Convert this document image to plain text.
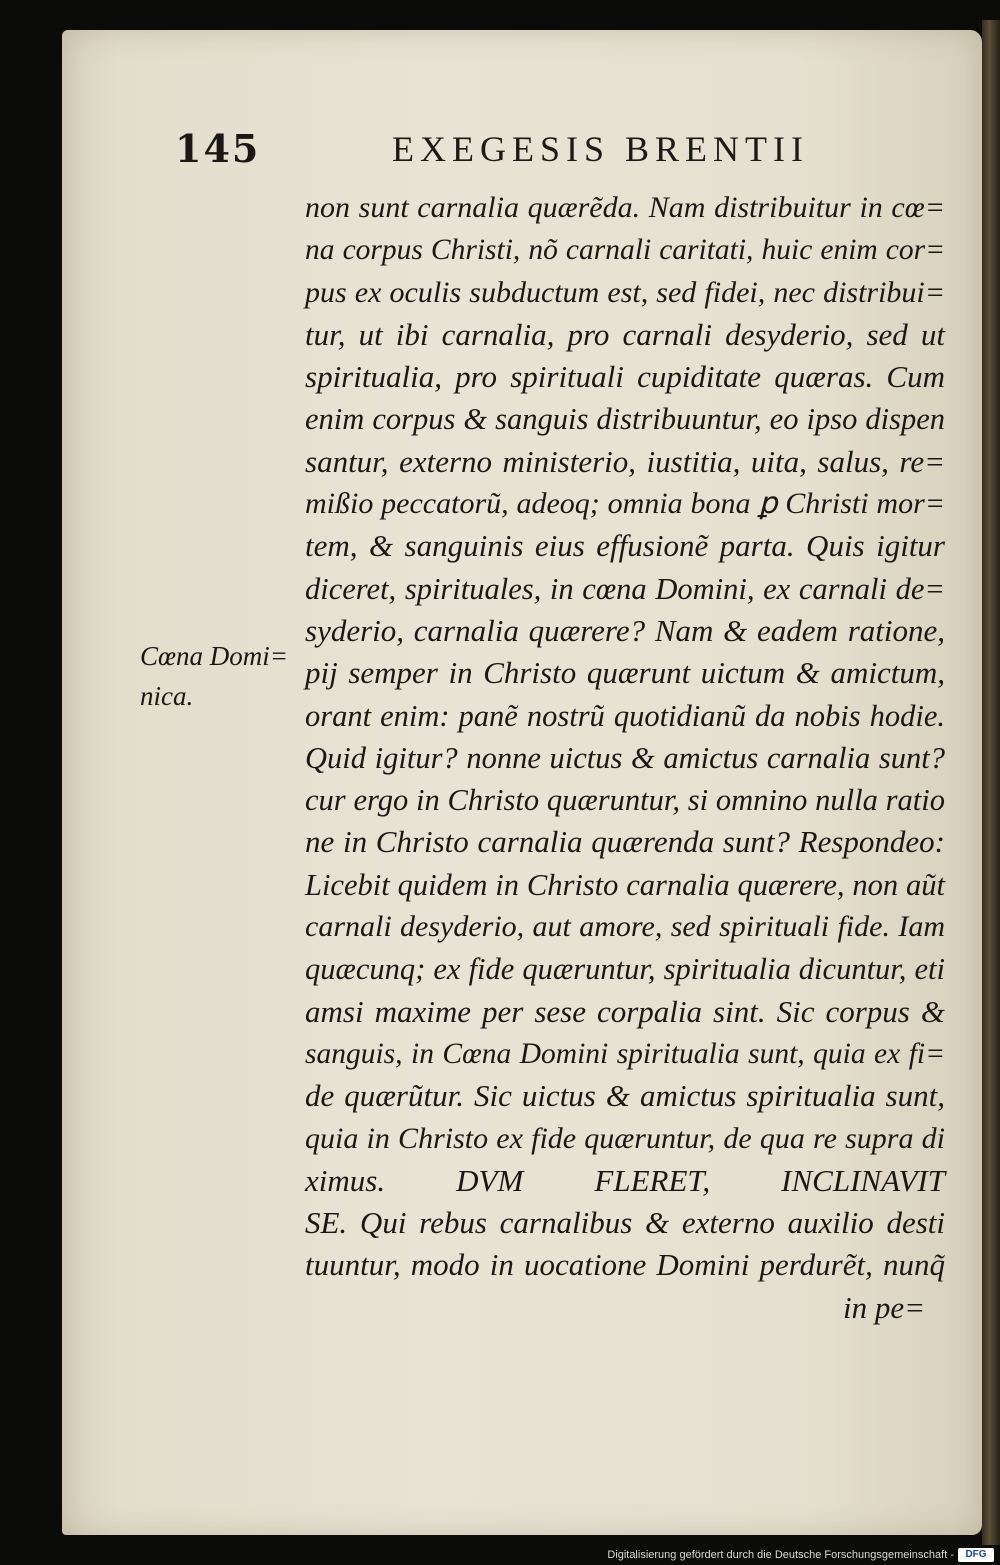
145	EXEGESIS BRENTII
Cœna Domi=
nica.
non sunt carnalia quærẽda. Nam distribuitur in cœ=
na corpus Christi, nõ carnali caritati, huic enim cor=
pus ex oculis subductum est, sed fidei, nec distribui=
tur, ut ibi carnalia, pro carnali desyderio, sed ut
spiritualia, pro spirituali cupiditate quæras. Cum
enim corpus & sanguis distribuuntur, eo ipso dispen
santur, externo ministerio, iustitia, uita, salus, re=
mißio peccatorũ, adeoq; omnia bona ꝑ Christi mor=
tem, & sanguinis eius effusionẽ parta. Quis igitur
diceret, spirituales, in cœna Domini, ex carnali de=
syderio, carnalia quærere? Nam & eadem ratione,
pij semper in Christo quærunt uictum & amictum,
orant enim: panẽ nostrũ quotidianũ da nobis hodie.
Quid igitur? nonne uictus & amictus carnalia sunt?
cur ergo in Christo quæruntur, si omnino nulla ratio
ne in Christo carnalia quærenda sunt? Respondeo:
Licebit quidem in Christo carnalia quærere, non aũt
carnali desyderio, aut amore, sed spirituali fide. Iam
quæcunq; ex fide quæruntur, spiritualia dicuntur, eti
amsi maxime per sese corpalia sint. Sic corpus &
sanguis, in Cœna Domini spiritualia sunt, quia ex fi=
de quærũtur. Sic uictus & amictus spiritualia sunt,
quia in Christo ex fide quæruntur, de qua re supra di
ximus. DVM FLERET, INCLINAVIT
SE. Qui rebus carnalibus & externo auxilio desti
tuuntur, modo in uocatione Domini perdurẽt, nunq̃
in pe=
Digitalisierung gefördert durch die Deutsche Forschungsgemeinschaft -	DFG
